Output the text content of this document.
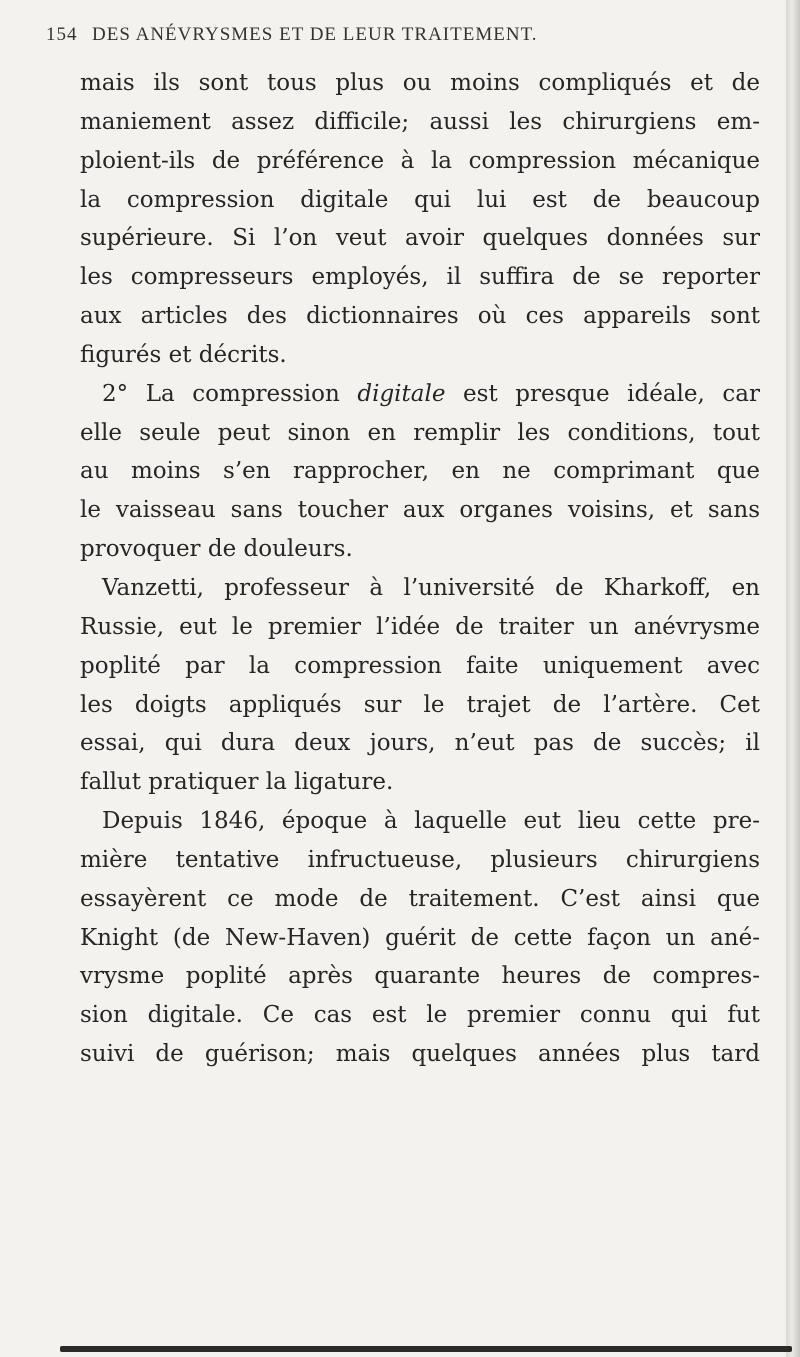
154 DES ANÉVRYSMES ET DE LEUR TRAITEMENT.
mais ils sont tous plus ou moins compliqués et de
maniement assez difficile; aussi les chirurgiens em-
ploient-ils de préférence à la compression mécanique
la compression digitale qui lui est de beaucoup
supérieure. Si l’on veut avoir quelques données sur
les compresseurs employés, il suffira de se reporter
aux articles des dictionnaires où ces appareils sont
figurés et décrits.
2° La compression digitale est presque idéale, car
elle seule peut sinon en remplir les conditions, tout
au moins s’en rapprocher, en ne comprimant que
le vaisseau sans toucher aux organes voisins, et sans
provoquer de douleurs.
Vanzetti, professeur à l’université de Kharkoff, en
Russie, eut le premier l’idée de traiter un anévrysme
poplité par la compression faite uniquement avec
les doigts appliqués sur le trajet de l’artère. Cet
essai, qui dura deux jours, n’eut pas de succès; il
fallut pratiquer la ligature.
Depuis 1846, époque à laquelle eut lieu cette pre-
mière tentative infructueuse, plusieurs chirurgiens
essayèrent ce mode de traitement. C’est ainsi que
Knight (de New-Haven) guérit de cette façon un ané-
vrysme poplité après quarante heures de compres-
sion digitale. Ce cas est le premier connu qui fut
suivi de guérison; mais quelques années plus tard
